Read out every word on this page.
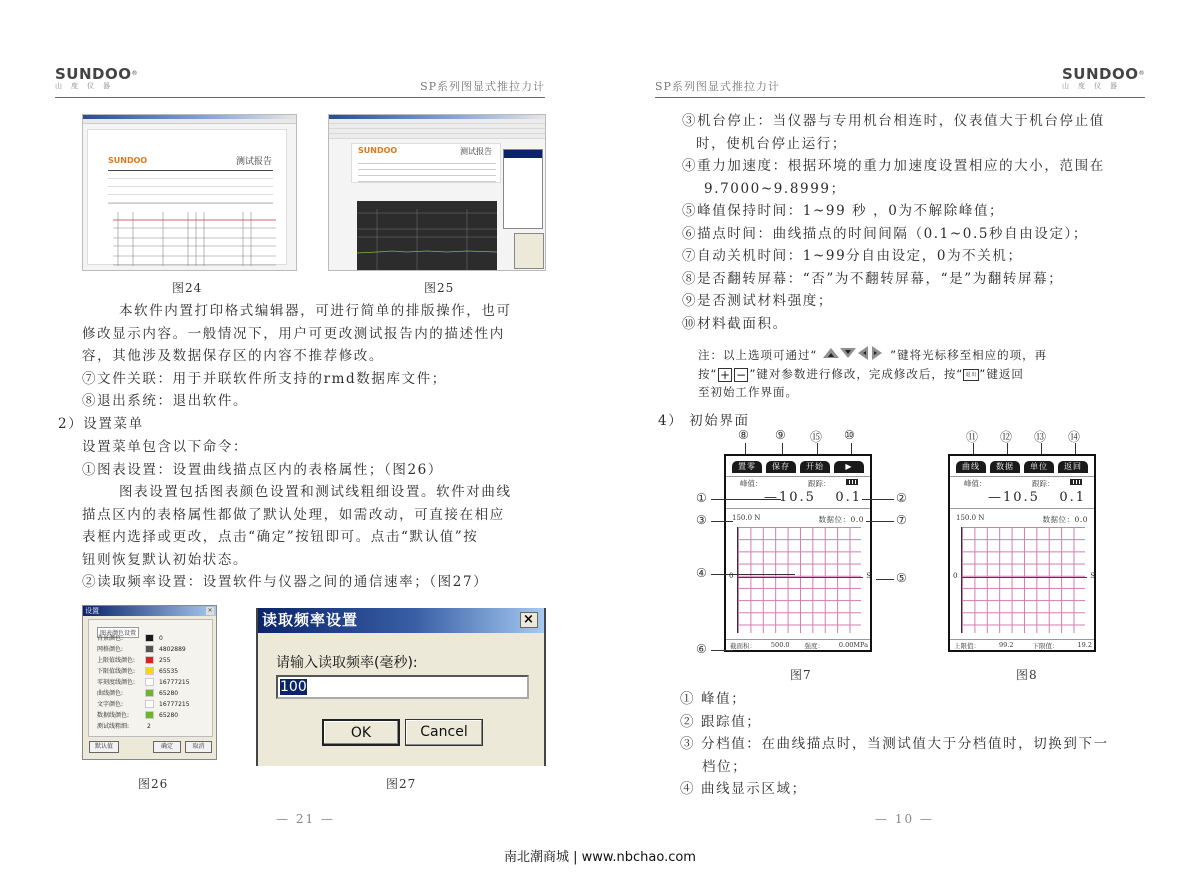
SUNDOO®
山度仪器	SP系列图显式推拉力计
SUNDOO	测试报告
图24
SUNDOO	测试报告
图25
本软件内置打印格式编辑器，可进行简单的排版操作，也可
修改显示内容。一般情况下，用户可更改测试报告内的描述性内
容，其他涉及数据保存区的内容不推荐修改。
⑦文件关联：用于并联软件所支持的rmd数据库文件；
⑧退出系统：退出软件。
2）设置菜单
设置菜单包含以下命令：
①图表设置：设置曲线描点区内的表格属性；（图26）
图表设置包括图表颜色设置和测试线粗细设置。软件对曲线
描点区内的表格属性都做了默认处理，如需改动，可直接在相应
表框内选择或更改，点击“确定”按钮即可。点击“默认值”按
钮则恢复默认初始状态。
②读取频率设置：设置软件与仪器之间的通信速率；（图27）
设置	×
图表颜色设置
背景颜色:	0
网格颜色:	4802889
上限值线颜色:	255
下限值线颜色:	65535
零刻度线颜色:	16777215
曲线颜色:	65280
文字颜色:	16777215
数据线颜色:	65280
测试线粗细:	2
默认值	确定	取消
图26
读取频率设置	×
请输入读取频率(毫秒):
100
OK	Cancel
图27
— 21 —
SP系列图显式推拉力计
SUNDOO®
山度仪器
③机台停止：当仪器与专用机台相连时，仪表值大于机台停止值
时，使机台停止运行；
④重力加速度：根据环境的重力加速度设置相应的大小，范围在
9.7000~9.8999；
⑤峰值保持时间：1~99 秒 ，0为不解除峰值；
⑥描点时间：曲线描点的时间间隔（0.1~0.5秒自由设定）；
⑦自动关机时间：1~99分自由设定，0为不关机；
⑧是否翻转屏幕：“否”为不翻转屏幕，“是”为翻转屏幕；
⑨是否测试材料强度；
⑩材料截面积。
注：以上选项可通过“	”键将光标移至相应的项，再
按“ + − ”键对参数进行修改，完成修改后，按“ 退出 ”键返回
至初始工作界面。
4） 初始界面
⑧ ⑨ ⑮ ⑩
置零	保存	开始	▶
峰值：	跟踪：
—10.5 0.1
150.0 N	数据位：0.0
0	S
截面积： 500.0 强度： 0.00MPa
①	②
③	⑦
④	⑤
⑥
图7
⑪ ⑫ ⑬ ⑭
曲线	数据	单位	返回
峰值：	跟踪：
—10.5 0.1
150.0 N	数据位：0.0
0	S
上限值：	99.2	下限值：	19.2
图8
① 峰值；
② 跟踪值；
③ 分档值：在曲线描点时，当测试值大于分档值时，切换到下一
档位；
④ 曲线显示区域；
— 10 —
南北潮商城 | www.nbchao.com
